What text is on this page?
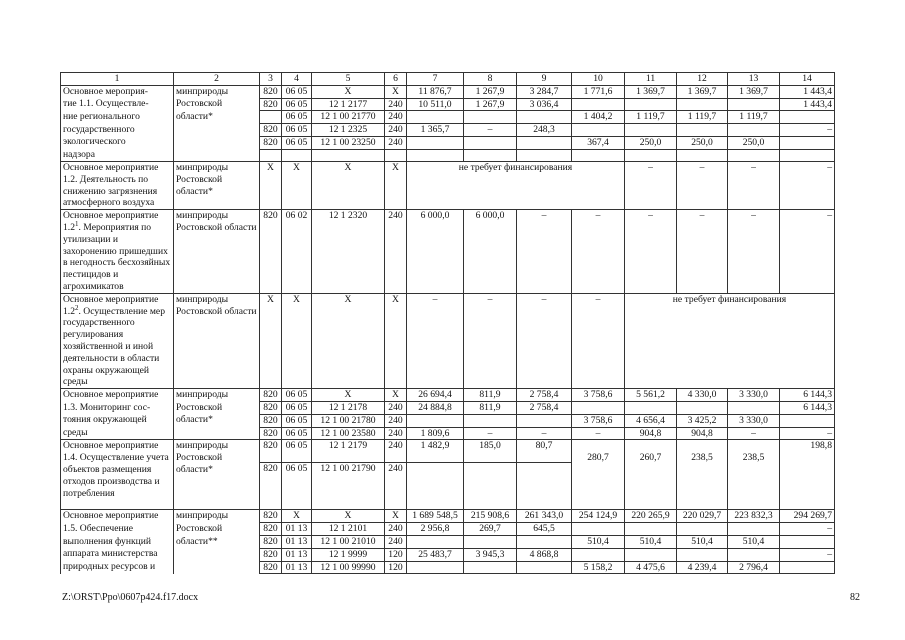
1	2	3	4	5	6	7	8	9	10	11	12	13	14
Основное мероприя-	минприроды	820	06 05	X	X	11 876,7	1 267,9	3 284,7	1 771,6	1 369,7	1 369,7	1 369,7	1 443,4
тие 1.1. Осуществле-	Ростовской	820	06 05	12 1 2177	240	10 511,0	1 267,9	3 036,4					1 443,4
ние регионального	области*		06 05	12 1 00 21770	240				1 404,2	1 119,7	1 119,7	1 119,7	
государственного		820	06 05	12 1 2325	240	1 365,7	–	248,3					–
экологического		820	06 05	12 1 00 23250	240				367,4	250,0	250,0	250,0	
надзора													
Основное мероприятие 1.2. Деятельность по снижению загрязнения атмосферного воздуха	минприроды Ростовской области*	X	X	X	X	не требует финансирования				–	–	–	–
Основное мероприятие $1.2^1$. Мероприятия по утилизации и захоронению пришедших в негодность бесхозяйных пестицидов и агрохимикатов	минприроды Ростовской области	820	06 02	12 1 2320	240	6 000,0	6 000,0	–	–	–	–	–	–
Основное мероприятие $1.2^2$. Осуществление мер государственного регулирования хозяйственной и иной деятельности в области охраны окружающей среды	минприроды Ростовской области	X	X	X	X	–	–	–	–	не требует финансирования			
Основное мероприятие	минприроды	820	06 05	X	X	26 694,4	811,9	2 758,4	3 758,6	5 561,2	4 330,0	3 330,0	6 144,3
1.3. Мониторинг сос-	Ростовской	820	06 05	12 1 2178	240	24 884,8	811,9	2 758,4					6 144,3
тояния окружающей	области*	820	06 05	12 1 00 21780	240				3 758,6	4 656,4	3 425,2	3 330,0	
среды		820	06 05	12 1 00 23580	240	1 809,6	–	–	–	904,8	904,8	–	–
Основное мероприятие 1.4. Осуществление учета объектов размещения отходов производства и потребления	минприроды Ростовской области*	820	06 05	12 1 2179	240	1 482,9	185,0	80,7	280,7	260,7	238,5	238,5	198,8
		820	06 05	12 1 00 21790	240								
Основное мероприятие	минприроды	820	X	X	X	1 689 548,5	215 908,6	261 343,0	254 124,9	220 265,9	220 029,7	223 832,3	294 269,7
1.5. Обеспечение	Ростовской	820	01 13	12 1 2101	240	2 956,8	269,7	645,5					–
выполнения функций	области**	820	01 13	12 1 00 21010	240				510,4	510,4	510,4	510,4	
аппарата министерства		820	01 13	12 1 9999	120	25 483,7	3 945,3	4 868,8					–
природных ресурсов и		820	01 13	12 1 00 99990	120				5 158,2	4 475,6	4 239,4	2 796,4	
Z:\ORST\Ppo\0607p424.f17.docx	82
